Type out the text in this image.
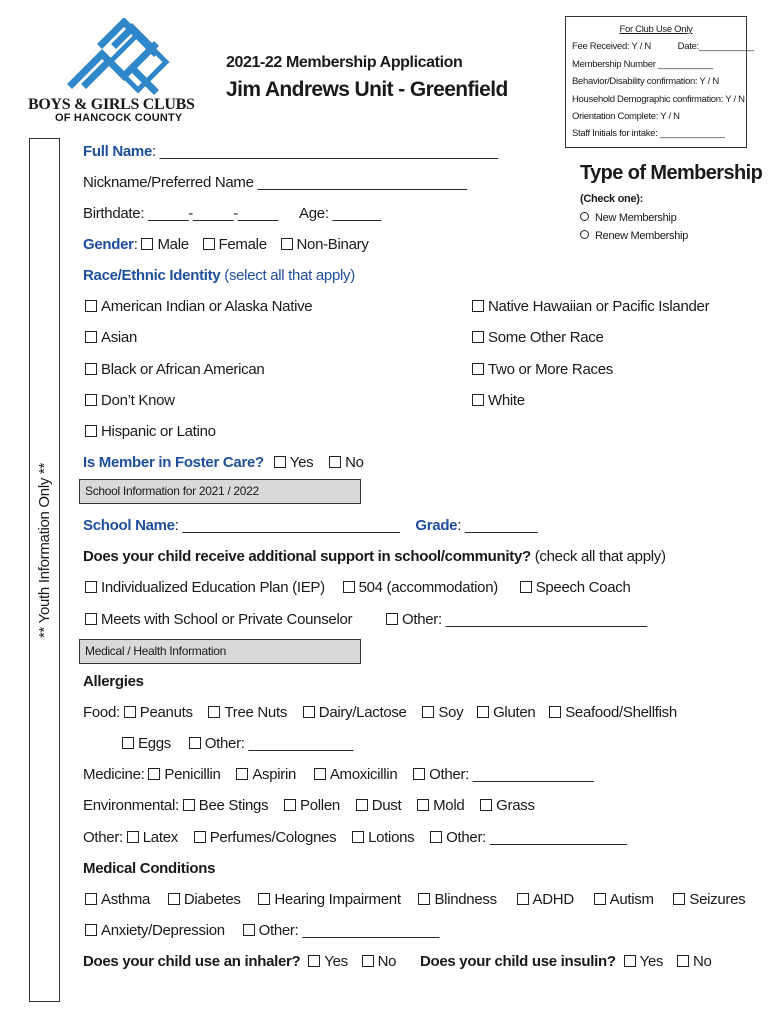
BOYS & GIRLS CLUBS
OF HANCOCK COUNTY
2021-22 Membership Application
Jim Andrews Unit - Greenfield
For Club Use Only
Fee Received: Y / N	Date:___________
Membership Number ___________
Behavior/Disability confirmation: Y / N
Household Demographic confirmation: Y / N
Orientation Complete: Y / N
Staff Initials for intake: _____________
** Youth Information Only **
Full Name: __________________________________________
Nickname/Preferred Name __________________________
Birthdate: _____-_____-_____ Age: ______
Gender: Male Female Non-Binary
Type of Membership
(Check one):
New Membership
Renew Membership
Race/Ethnic Identity (select all that apply)
American Indian or Alaska Native
Asian
Black or African American
Don’t Know
Hispanic or Latino
Native Hawaiian or Pacific Islander
Some Other Race
Two or More Races
White
Is Member in Foster Care? Yes No
School Information for 2021 / 2022
School Name: ___________________________ Grade: _________
Does your child receive additional support in school/community? (check all that apply)
Individualized Education Plan (IEP) 504 (accommodation)	Speech Coach
Meets with School or Private Counselor	Other: _________________________
Medical / Health Information
Allergies
Food: Peanuts Tree Nuts Dairy/Lactose Soy Gluten Seafood/Shellfish
Eggs Other: _____________
Medicine: Penicillin Aspirin Amoxicillin Other: _______________
Environmental: Bee Stings Pollen Dust Mold Grass
Other: Latex Perfumes/Colognes Lotions Other: _________________
Medical Conditions
Asthma Diabetes Hearing Impairment Blindness ADHD Autism Seizures
Anxiety/Depression Other: _________________
Does your child use an inhaler? Yes No Does your child use insulin? Yes No
